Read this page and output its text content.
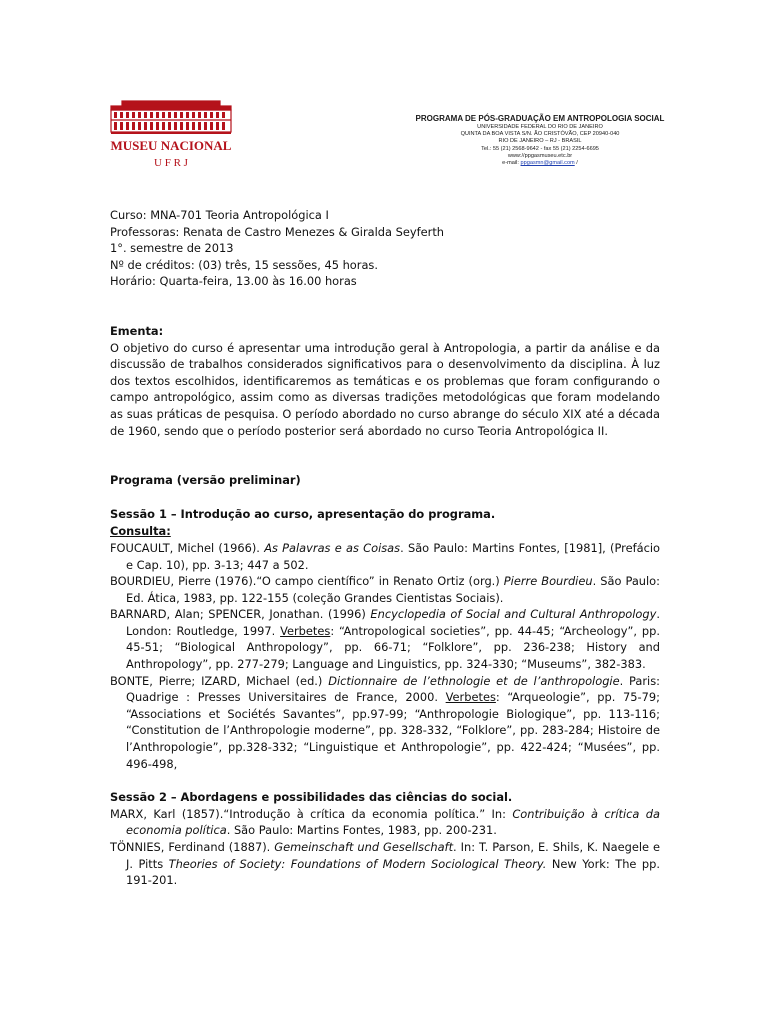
MUSEU NACIONAL
U F R J
PROGRAMA DE PÓS-GRADUAÇÃO EM ANTROPOLOGIA SOCIAL
UNIVERSIDADE FEDERAL DO RIO DE JANEIRO
QUINTA DA BOA VISTA S/N. ÃO CRISTÓVÃO, CEP 20940-040
RIO DE JANEIRO – RJ - BRASIL
Tel.: 55 (21) 2568-9642 - fax 55 (21) 2254-6695
www://ppgasmuseu.etc.br
e-mail: ppgasmn@gmail.com /
Curso: MNA-701 Teoria Antropológica I
Professoras: Renata de Castro Menezes & Giralda Seyferth
1°. semestre de 2013
Nº de créditos: (03) três, 15 sessões, 45 horas.
Horário: Quarta-feira, 13.00 às 16.00 horas
Ementa:
O objetivo do curso é apresentar uma introdução geral à Antropologia, a partir da análise e da discussão de trabalhos considerados significativos para o desenvolvimento da disciplina. À luz dos textos escolhidos, identificaremos as temáticas e os problemas que foram configurando o campo antropológico, assim como as diversas tradições metodológicas que foram modelando as suas práticas de pesquisa. O período abordado no curso abrange do século XIX até a década de 1960, sendo que o período posterior será abordado no curso Teoria Antropológica II.
Programa (versão preliminar)
Sessão 1 – Introdução ao curso, apresentação do programa.
Consulta:
FOUCAULT, Michel (1966). As Palavras e as Coisas. São Paulo: Martins Fontes, [1981], (Prefácio e Cap. 10), pp. 3-13; 447 a 502.
BOURDIEU, Pierre (1976).“O campo científico” in Renato Ortiz (org.) Pierre Bourdieu. São Paulo: Ed. Ática, 1983, pp. 122-155 (coleção Grandes Cientistas Sociais).
BARNARD, Alan; SPENCER, Jonathan. (1996) Encyclopedia of Social and Cultural Anthropology. London: Routledge, 1997. Verbetes: “Antropological societies”, pp. 44-45; “Archeology”, pp. 45-51; “Biological Anthropology”, pp. 66-71; “Folklore”, pp. 236-238; History and Anthropology”, pp. 277-279; Language and Linguistics, pp. 324-330; “Museums”, 382-383.
BONTE, Pierre; IZARD, Michael (ed.) Dictionnaire de l’ethnologie et de l’anthropologie. Paris: Quadrige : Presses Universitaires de France, 2000. Verbetes: “Arqueologie”, pp. 75-79; “Associations et Sociétés Savantes”, pp.97-99; “Anthropologie Biologique”, pp. 113-116; “Constitution de l’Anthropologie moderne”, pp. 328-332, “Folklore”, pp. 283-284; Histoire de l’Anthropologie”, pp.328-332; “Linguistique et Anthropologie”, pp. 422-424; “Musées”, pp. 496-498,
Sessão 2 – Abordagens e possibilidades das ciências do social.
MARX, Karl (1857).“Introdução à crítica da economia política.” In: Contribuição à crítica da economia política. São Paulo: Martins Fontes, 1983, pp. 200-231.
TÖNNIES, Ferdinand (1887). Gemeinschaft und Gesellschaft. In: T. Parson, E. Shils, K. Naegele e J. Pitts Theories of Society: Foundations of Modern Sociological Theory. New York: The pp. 191-201.
